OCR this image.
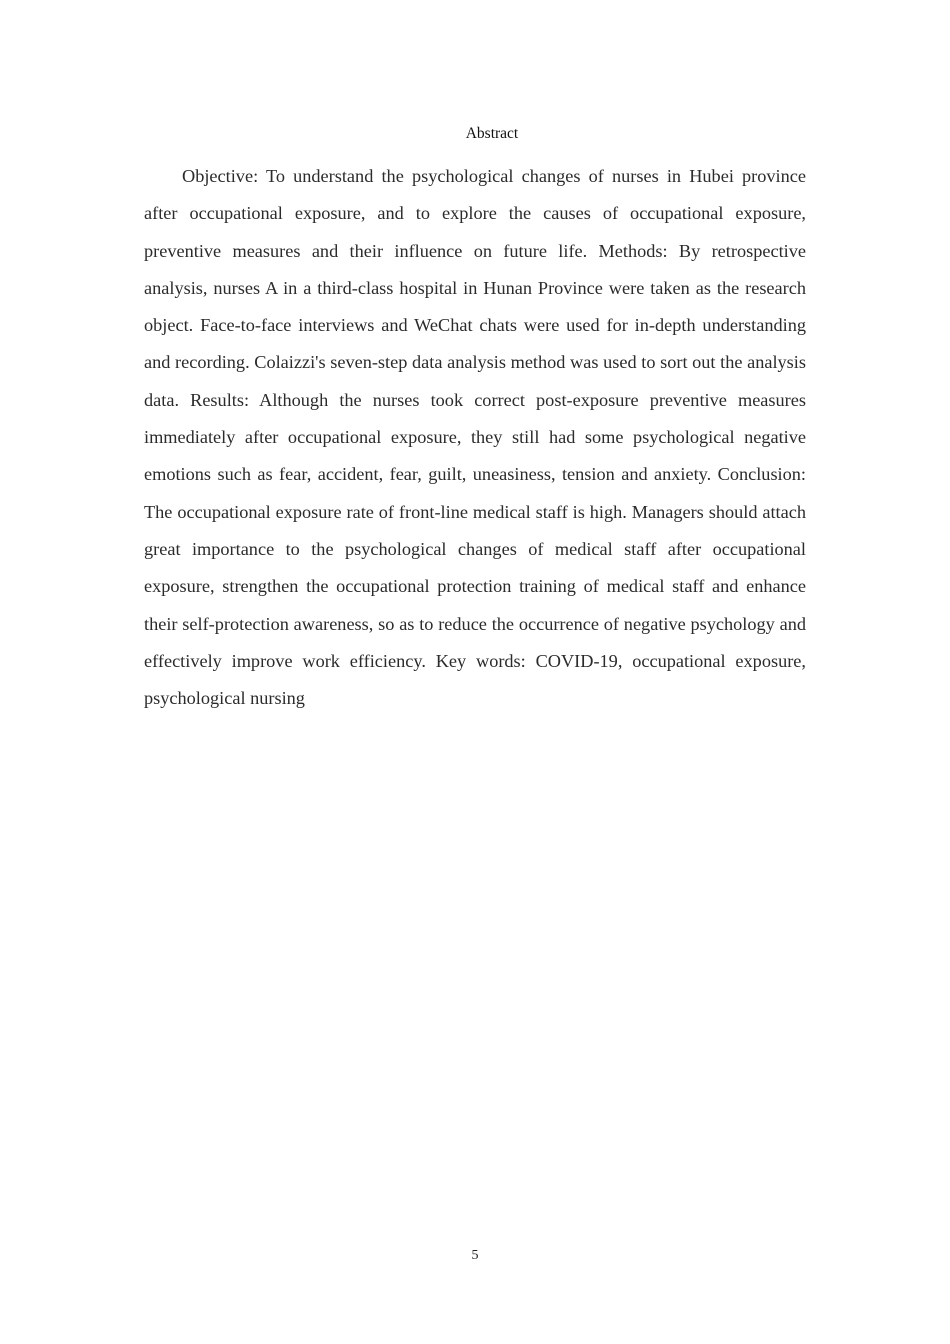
Abstract

Objective: To understand the psychological changes of nurses in Hubei province after occupational exposure, and to explore the causes of occupational exposure, preventive measures and their influence on future life. Methods: By retrospective analysis, nurses A in a third-class hospital in Hunan Province were taken as the research object. Face-to-face interviews and WeChat chats were used for in-depth understanding and recording. Colaizzi's seven-step data analysis method was used to sort out the analysis data. Results: Although the nurses took correct post-exposure preventive measures immediately after occupational exposure, they still had some psychological negative emotions such as fear, accident, fear, guilt, uneasiness, tension and anxiety. Conclusion: The occupational exposure rate of front-line medical staff is high. Managers should attach great importance to the psychological changes of medical staff after occupational exposure, strengthen the occupational protection training of medical staff and enhance their self-protection awareness, so as to reduce the occurrence of negative psychology and effectively improve work efficiency. Key words: COVID-19, occupational exposure, psychological nursing

5
